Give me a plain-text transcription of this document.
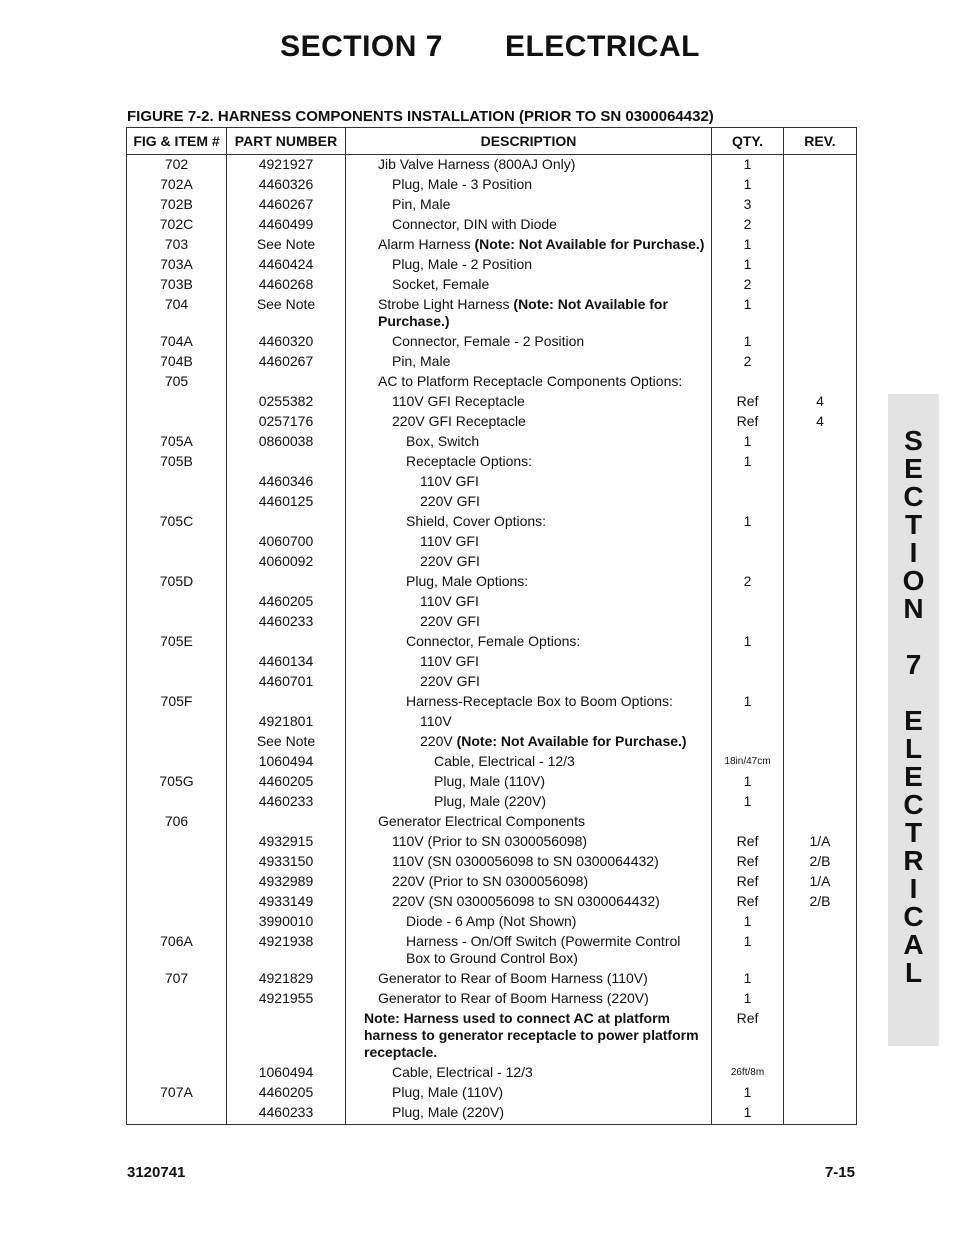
SECTION 7 ELECTRICAL
FIGURE 7-2. HARNESS COMPONENTS INSTALLATION (PRIOR TO SN 0300064432)
FIG & ITEM #	PART NUMBER	DESCRIPTION	QTY.	REV.
702	4921927	Jib Valve Harness (800AJ Only)	1	
702A	4460326	Plug, Male - 3 Position	1	
702B	4460267	Pin, Male	3	
702C	4460499	Connector, DIN with Diode	2	
703	See Note	Alarm Harness (Note: Not Available for Purchase.)	1	
703A	4460424	Plug, Male - 2 Position	1	
703B	4460268	Socket, Female	2	
704	See Note	Strobe Light Harness (Note: Not Available for Purchase.)	1	
704A	4460320	Connector, Female - 2 Position	1	
704B	4460267	Pin, Male	2	
705		AC to Platform Receptacle Components Options:		

	0255382	110V GFI Receptacle	Ref	4
	0257176	220V GFI Receptacle	Ref	4
705A	0860038	Box, Switch	1	
705B		Receptacle Options:	1	
	4460346	110V GFI		

	4460125	220V GFI		

705C		Shield, Cover Options:	1	
	4060700	110V GFI		

	4060092	220V GFI		

705D		Plug, Male Options:	2	
	4460205	110V GFI		

	4460233	220V GFI		

705E		Connector, Female Options:	1	
	4460134	110V GFI		

	4460701	220V GFI		

705F		Harness-Receptacle Box to Boom Options:	1	
	4921801	110V		

	See Note	220V (Note: Not Available for Purchase.)		

	1060494	Cable, Electrical - 12/3	18in/47cm	
705G	4460205	Plug, Male (110V)	1	
	4460233	Plug, Male (220V)	1	
706		Generator Electrical Components		

	4932915	110V (Prior to SN 0300056098)	Ref	1/A
	4933150	110V (SN 0300056098 to SN 0300064432)	Ref	2/B
	4932989	220V (Prior to SN 0300056098)	Ref	1/A
	4933149	220V (SN 0300056098 to SN 0300064432)	Ref	2/B
	3990010	Diode - 6 Amp (Not Shown)	1	
706A	4921938	Harness - On/Off Switch (Powermite Control Box to Ground Control Box)	1	
707	4921829	Generator to Rear of Boom Harness (110V)	1	
	4921955	Generator to Rear of Boom Harness (220V)	1	

		Note: Harness used to connect AC at platform harness to generator receptacle to power platform receptacle.	Ref	
	1060494	Cable, Electrical - 12/3	26ft/8m	
707A	4460205	Plug, Male (110V)	1	
	4460233	Plug, Male (220V)	1	
3120741	7-15
S
E
C
T
I
O
N
7
E
L
E
C
T
R
I
C
A
L
